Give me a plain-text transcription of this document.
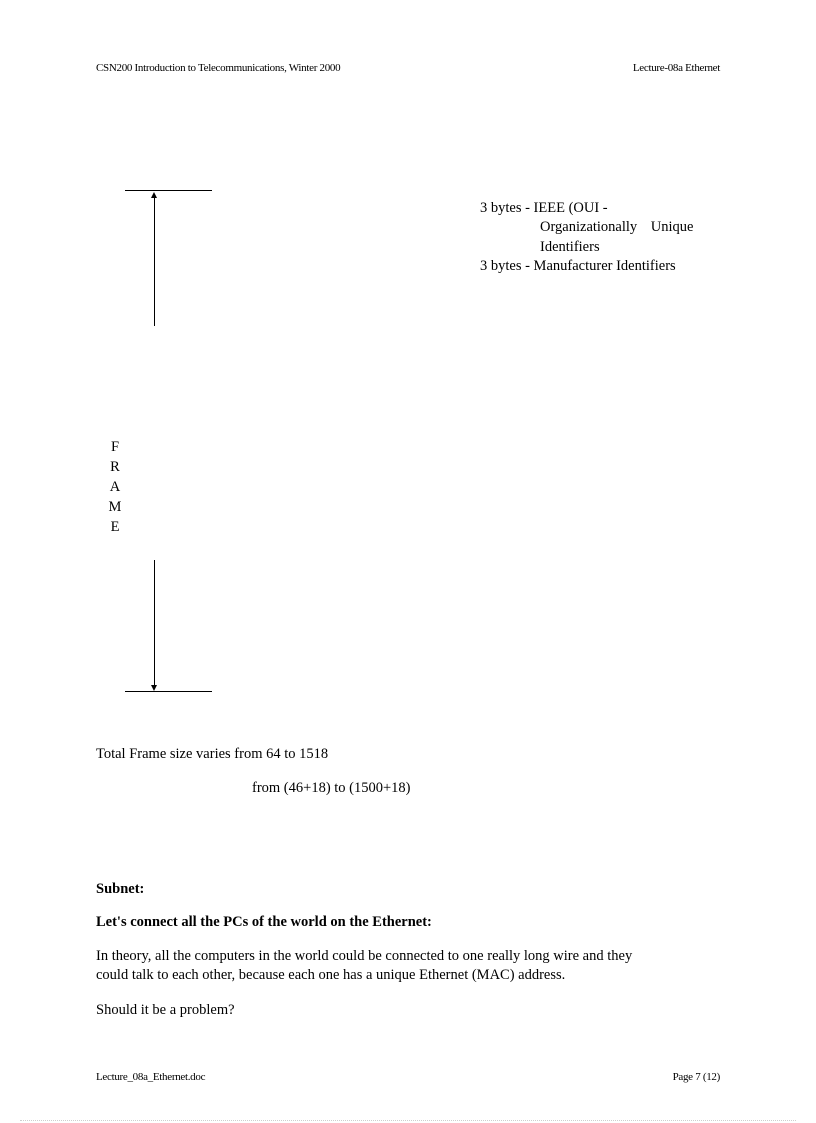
CSN200 Introduction to Telecommunications, Winter 2000	Lecture-08a Ethernet
F
R
A
M
E
3 bytes - IEEE (OUI -
Organizationally Unique
Identifiers
3 bytes - Manufacturer Identifiers
Total Frame size varies from 64 to 1518
from (46+18) to (1500+18)
Subnet:
Let's connect all the PCs of the world on the Ethernet:
In theory, all the computers in the world could be connected to one really long wire and they
could talk to each other, because each one has a unique Ethernet (MAC) address.
Should it be a problem?
Lecture_08a_Ethernet.doc	Page 7 (12)
